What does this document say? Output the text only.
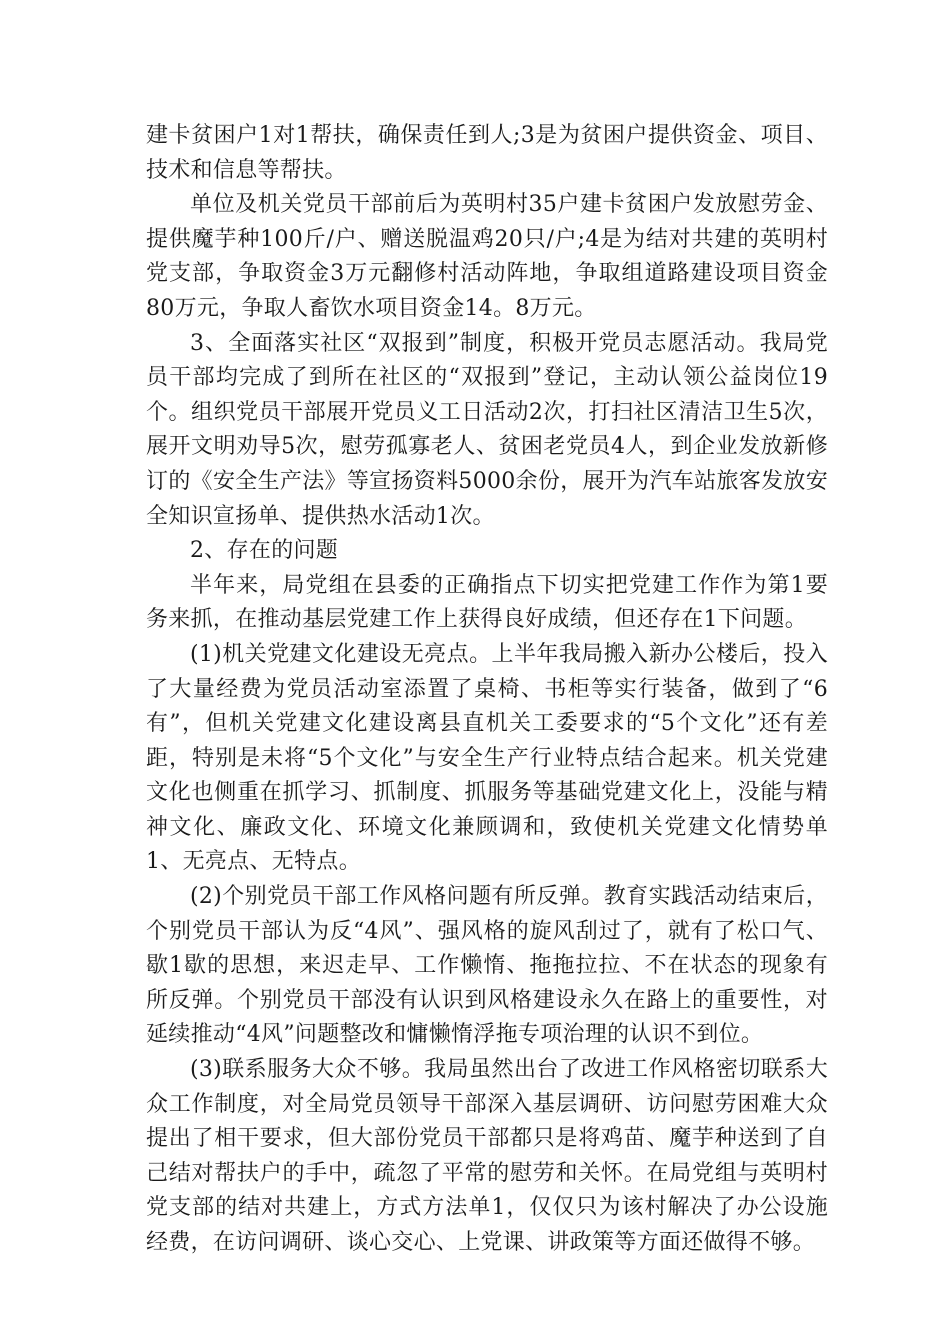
建卡贫困户1对1帮扶，确保责任到人;3是为贫困户提供资金、项目、技术和信息等帮扶。

单位及机关党员干部前后为英明村35户建卡贫困户发放慰劳金、提供魔芋种100斤/户、赠送脱温鸡20只/户;4是为结对共建的英明村党支部，争取资金3万元翻修村活动阵地，争取组道路建设项目资金80万元，争取人畜饮水项目资金14。8万元。

3、全面落实社区“双报到”制度，积极开党员志愿活动。我局党员干部均完成了到所在社区的“双报到”登记，主动认领公益岗位19个。组织党员干部展开党员义工日活动2次，打扫社区清洁卫生5次，展开文明劝导5次，慰劳孤寡老人、贫困老党员4人，到企业发放新修订的《安全生产法》等宣扬资料5000余份，展开为汽车站旅客发放安全知识宣扬单、提供热水活动1次。

2、存在的问题

半年来，局党组在县委的正确指点下切实把党建工作作为第1要务来抓，在推动基层党建工作上获得良好成绩，但还存在1下问题。

(1)机关党建文化建设无亮点。上半年我局搬入新办公楼后，投入了大量经费为党员活动室添置了桌椅、书柜等实行装备，做到了“6有”，但机关党建文化建设离县直机关工委要求的“5个文化”还有差距，特别是未将“5个文化”与安全生产行业特点结合起来。机关党建文化也侧重在抓学习、抓制度、抓服务等基础党建文化上，没能与精神文化、廉政文化、环境文化兼顾调和，致使机关党建文化情势单1、无亮点、无特点。

(2)个别党员干部工作风格问题有所反弹。教育实践活动结束后，个别党员干部认为反“4风”、强风格的旋风刮过了，就有了松口气、歇1歇的思想，来迟走早、工作懒惰、拖拖拉拉、不在状态的现象有所反弹。个别党员干部没有认识到风格建设永久在路上的重要性，对延续推动“4风”问题整改和慵懒惰浮拖专项治理的认识不到位。

(3)联系服务大众不够。我局虽然出台了改进工作风格密切联系大众工作制度，对全局党员领导干部深入基层调研、访问慰劳困难大众提出了相干要求，但大部份党员干部都只是将鸡苗、魔芋种送到了自己结对帮扶户的手中，疏忽了平常的慰劳和关怀。在局党组与英明村党支部的结对共建上，方式方法单1，仅仅只为该村解决了办公设施经费，在访问调研、谈心交心、上党课、讲政策等方面还做得不够。
